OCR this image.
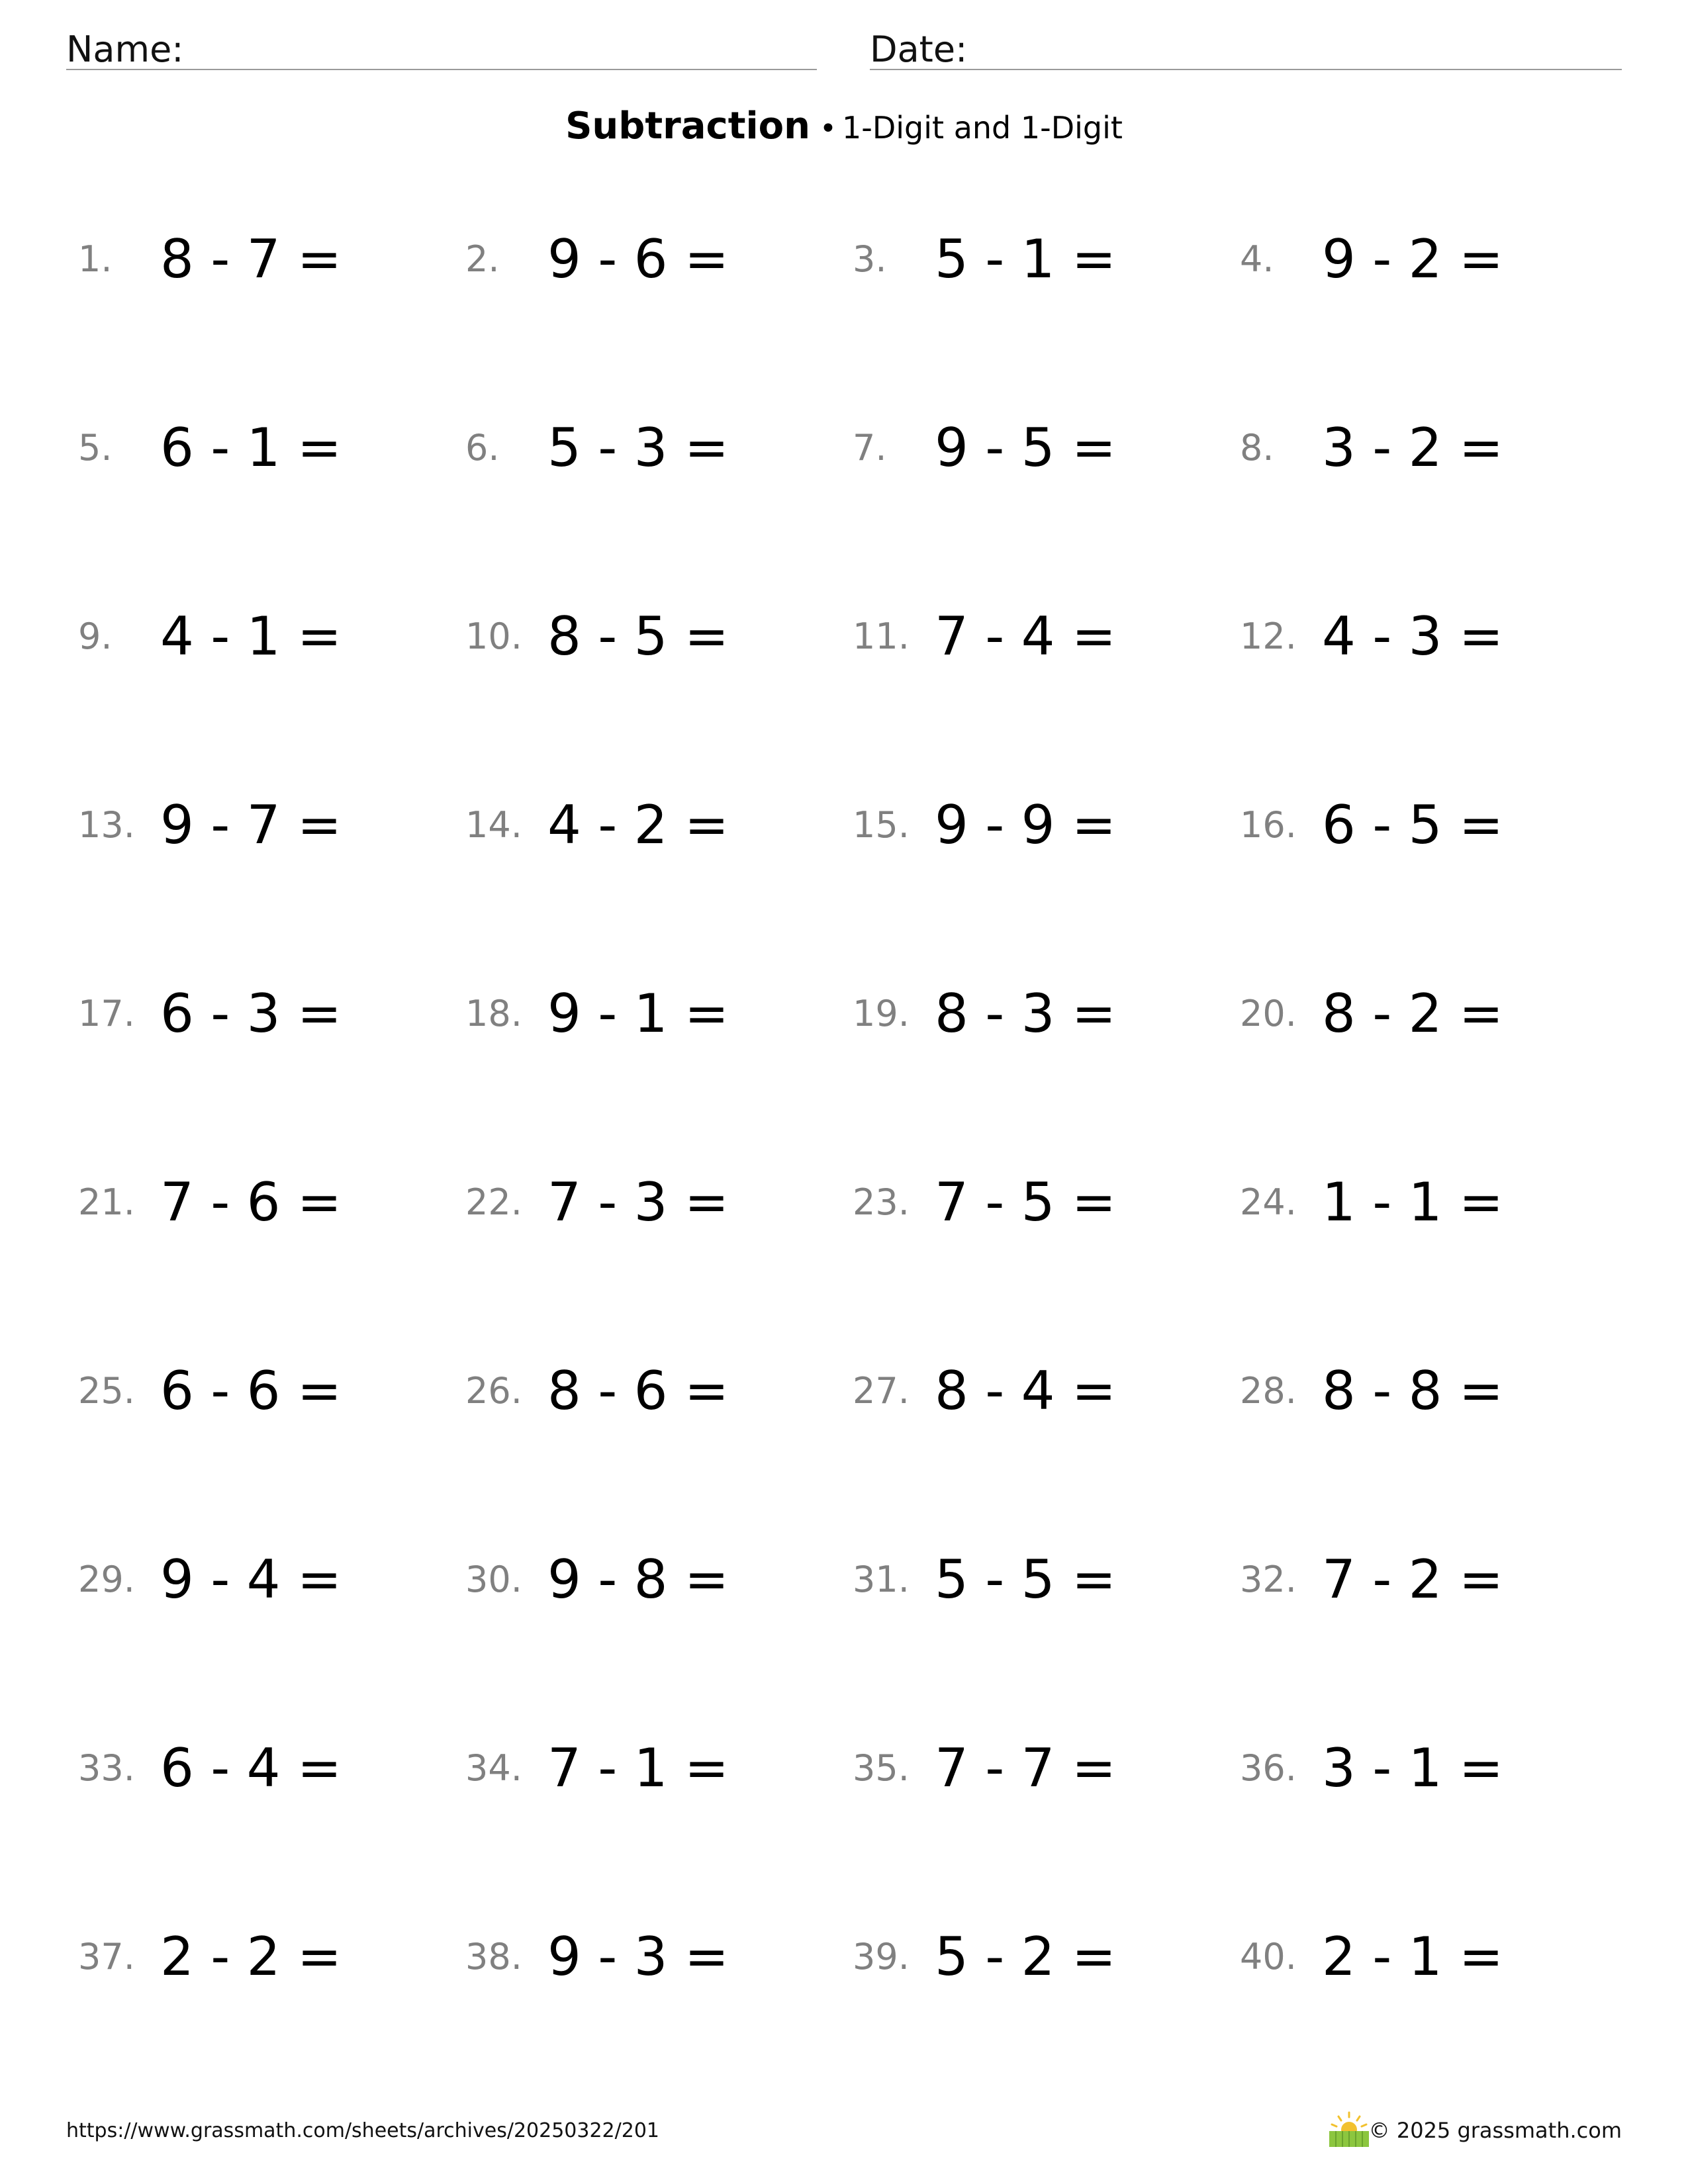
Name:	Date:
Subtraction • 1-Digit and 1-Digit
1. 8 - 7 =	2. 9 - 6 =	3. 5 - 1 =	4. 9 - 2 =
5. 6 - 1 =	6. 5 - 3 =	7. 9 - 5 =	8. 3 - 2 =
9. 4 - 1 =	10. 8 - 5 =	11. 7 - 4 =	12. 4 - 3 =
13. 9 - 7 =	14. 4 - 2 =	15. 9 - 9 =	16. 6 - 5 =
17. 6 - 3 =	18. 9 - 1 =	19. 8 - 3 =	20. 8 - 2 =
21. 7 - 6 =	22. 7 - 3 =	23. 7 - 5 =	24. 1 - 1 =
25. 6 - 6 =	26. 8 - 6 =	27. 8 - 4 =	28. 8 - 8 =
29. 9 - 4 =	30. 9 - 8 =	31. 5 - 5 =	32. 7 - 2 =
33. 6 - 4 =	34. 7 - 1 =	35. 7 - 7 =	36. 3 - 1 =
37. 2 - 2 =	38. 9 - 3 =	39. 5 - 2 =	40. 2 - 1 =
https://www.grassmath.com/sheets/archives/20250322/201	© 2025 grassmath.com
